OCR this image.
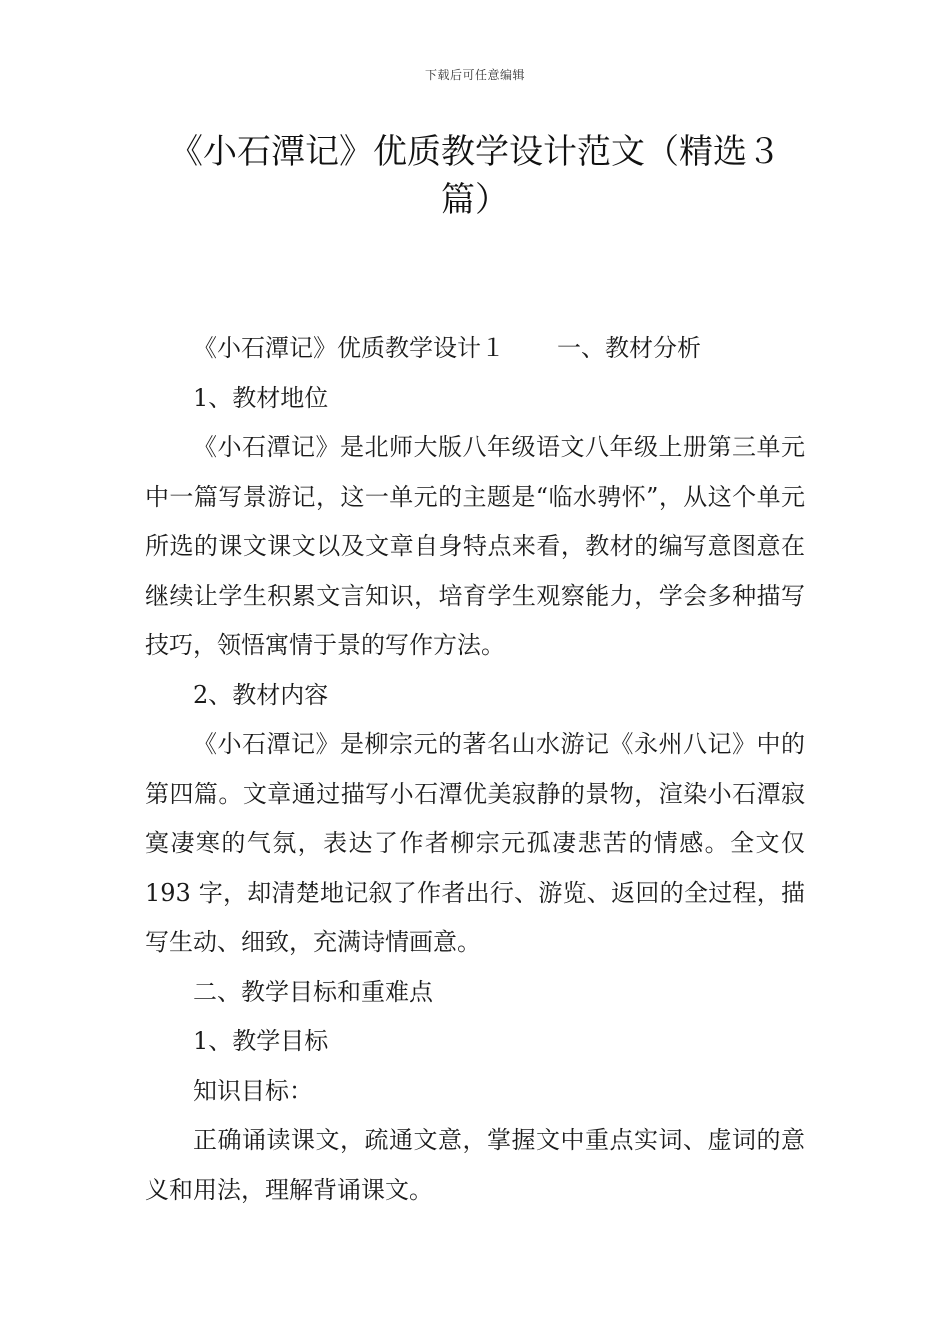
下载后可任意编辑
《小石潭记》优质教学设计范文（精选３
篇）

《小石潭记》优质教学设计１ 一、教材分析

1、教材地位

《小石潭记》是北师大版八年级语文八年级上册第三单元中一篇写景游记，这一单元的主题是“临水骋怀”，从这个单元所选的课文课文以及文章自身特点来看，教材的编写意图意在继续让学生积累文言知识，培育学生观察能力，学会多种描写技巧，领悟寓情于景的写作方法。

2、教材内容

《小石潭记》是柳宗元的著名山水游记《永州八记》中的第四篇。文章通过描写小石潭优美寂静的景物，渲染小石潭寂寞凄寒的气氛，表达了作者柳宗元孤凄悲苦的情感。全文仅 193 字，却清楚地记叙了作者出行、游览、返回的全过程，描写生动、细致，充满诗情画意。

二、教学目标和重难点

1、教学目标

知识目标：

正确诵读课文，疏通文意，掌握文中重点实词、虚词的意义和用法，理解背诵课文。
